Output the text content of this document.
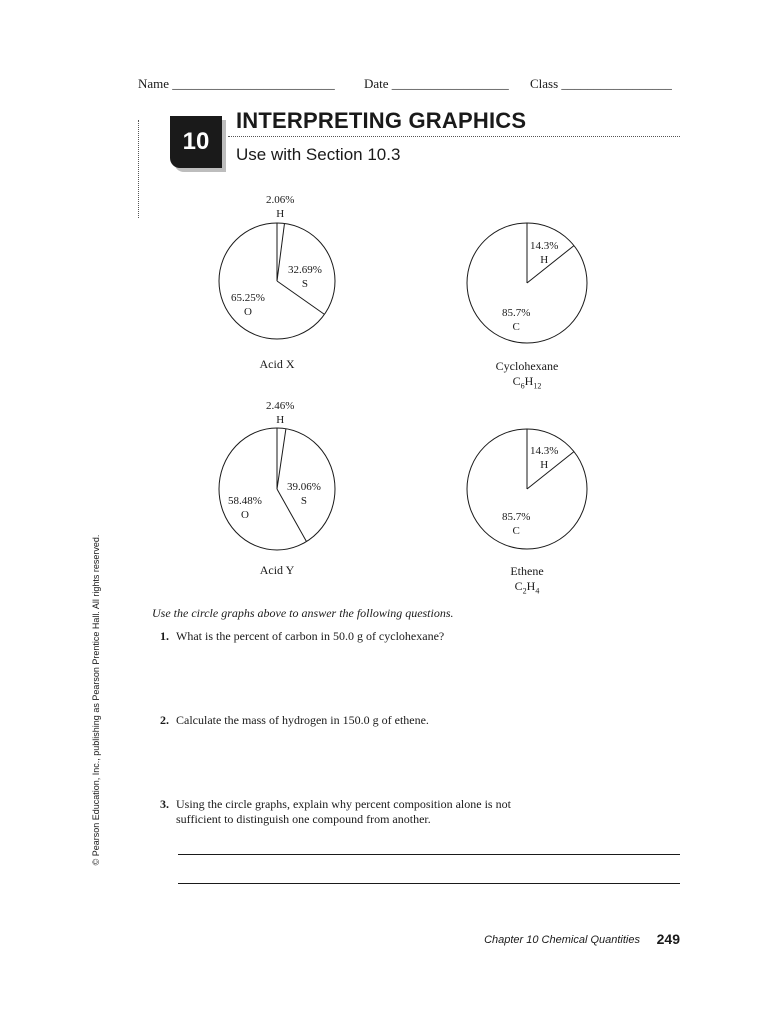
Name _________________________ Date __________________ Class _________________
10
INTERPRETING GRAPHICS
Use with Section 10.3
2.06%
H
32.69%
S
65.25%
O
Acid X
14.3%
H
85.7%
C
Cyclohexane
$C_6H_{12}$
2.46%
H
39.06%
S
58.48%
O
Acid Y
14.3%
H
85.7%
C
Ethene
$C_2H_4$
© Pearson Education, Inc., publishing as Pearson Prentice Hall. All rights reserved.	Use the circle graphs above to answer the following questions.
1. What is the percent of carbon in 50.0 g of cyclohexane?
2. Calculate the mass of hydrogen in 150.0 g of ethene.
3. Using the circle graphs, explain why percent composition alone is not
sufficient to distinguish one compound from another.
Chapter 10 Chemical Quantities 249
